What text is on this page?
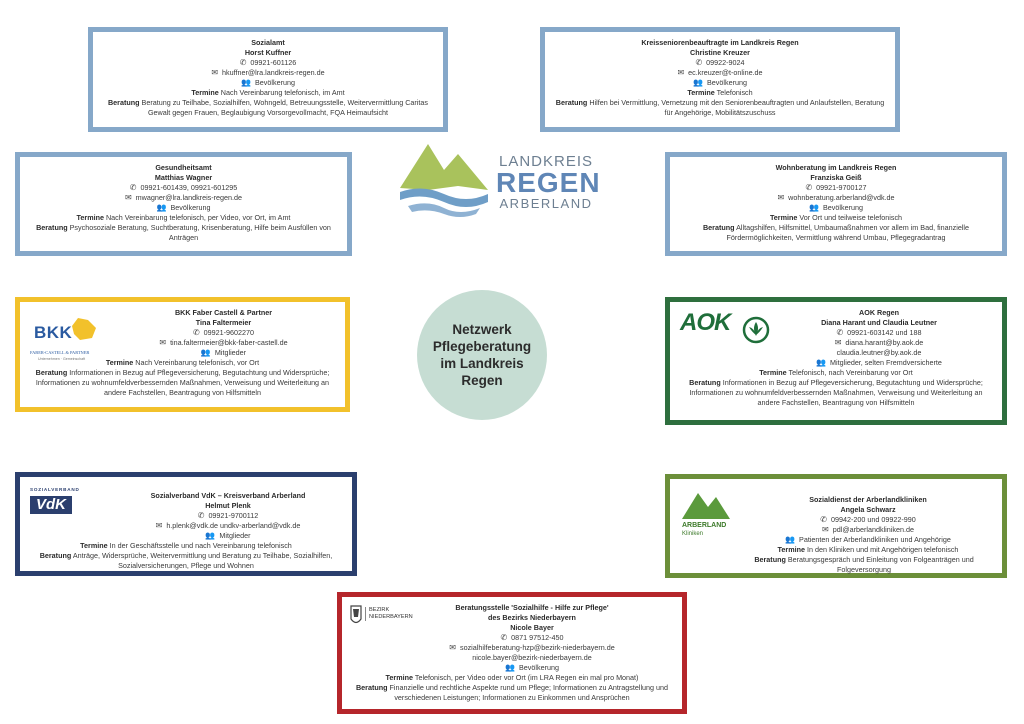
LANDKREIS
REGEN
ARBERLAND
Netzwerk
Pflegeberatung
im Landkreis
Regen
Sozialamt
Horst Kuffner
✆ 09921-601126
✉ hkuffner@lra.landkreis-regen.de
👥 Bevölkerung
Termine Nach Vereinbarung telefonisch, im Amt
Beratung Beratung zu Teilhabe, Sozialhilfen, Wohngeld, Betreuungsstelle, Weitervermittlung Caritas Gewalt gegen Frauen, Beglaubigung Vorsorgevollmacht, FQA Heimaufsicht
Kreisseniorenbeauftragte im Landkreis Regen
Christine Kreuzer
✆ 09922-9024
✉ ec.kreuzer@t-online.de
👥 Bevölkerung
Termine Telefonisch
Beratung Hilfen bei Vermittlung, Vernetzung mit den Seniorenbeauftragten und Anlaufstellen, Beratung für Angehörige, Mobilitätszuschuss
Gesundheitsamt
Matthias Wagner
✆ 09921-601439, 09921-601295
✉ mwagner@lra.landkreis-regen.de
👥 Bevölkerung
Termine Nach Vereinbarung telefonisch, per Video, vor Ort, im Amt
Beratung Psychosoziale Beratung, Suchtberatung, Krisenberatung, Hilfe beim Ausfüllen von Anträgen
Wohnberatung im Landkreis Regen
Franziska Geiß
✆ 09921-9700127
✉ wohnberatung.arberland@vdk.de
👥 Bevölkerung
Termine Vor Ort und teilweise telefonisch
Beratung Alltagshilfen, Hilfsmittel, Umbaumaßnahmen vor allem im Bad, finanzielle Fördermöglichkeiten, Vermittlung während Umbau, Pflegegradantrag
BKK
FABER-CASTELL & PARTNER
Unternehmen · Gemeinschaft
BKK Faber Castell & Partner
Tina Faltermeier
✆ 09921-9602270
✉ tina.faltermeier@bkk-faber-castell.de
👥 Mitglieder
Termine Nach Vereinbarung telefonisch, vor Ort
Beratung Informationen in Bezug auf Pflegeversicherung, Begutachtung und Widersprüche; Informationen zu wohnumfeldverbessernden Maßnahmen, Verweisung und Weiterleitung an andere Fachstellen, Beantragung von Hilfsmitteln
AOK	AOK Regen
Diana Harant und Claudia Leutner
✆ 09921-603142 und 188
✉ diana.harant@by.aok.de
claudia.leutner@by.aok.de
👥 Mitglieder, selten Fremdversicherte
Termine Telefonisch, nach Vereinbarung vor Ort
Beratung Informationen in Bezug auf Pflegeversicherung, Begutachtung und Widersprüche; Informationen zu wohnumfeldverbessernden Maßnahmen, Verweisung und Weiterleitung an andere Fachstellen, Beantragung von Hilfsmitteln
SOZIALVERBAND
VdK
Sozialverband VdK – Kreisverband Arberland
Helmut Plenk
✆ 09921-9700112
✉ h.plenk@vdk.de undkv-arberland@vdk.de
👥 Mitglieder
Termine In der Geschäftsstelle und nach Vereinbarung telefonisch
Beratung Anträge, Widersprüche, Weitervermittlung und Beratung zu Teilhabe, Sozialhilfen, Sozialversicherungen, Pflege und Wohnen
ARBERLAND
Kliniken
Sozialdienst der Arberlandkliniken
Angela Schwarz
✆ 09942-200 und 09922-990
✉ pdl@arberlandkliniken.de
👥 Patienten der Arberlandkliniken und Angehörige
Termine In den Kliniken und mit Angehörigen telefonisch
Beratung Beratungsgespräch und Einleitung von Folgeanträgen und Folgeversorgung
BEZIRK
NIEDERBAYERN
Beratungsstelle 'Sozialhilfe - Hilfe zur Pflege'
des Bezirks Niederbayern
Nicole Bayer
✆ 0871 97512-450
✉ sozialhilfeberatung-hzp@bezirk-niederbayern.de
nicole.bayer@bezirk-niederbayern.de
👥 Bevölkerung
Termine Telefonisch, per Video oder vor Ort (im LRA Regen ein mal pro Monat)
Beratung Finanzielle und rechtliche Aspekte rund um Pflege; Informationen zu Antragstellung und verschiedenen Leistungen; Informationen zu Einkommen und Ansprüchen
